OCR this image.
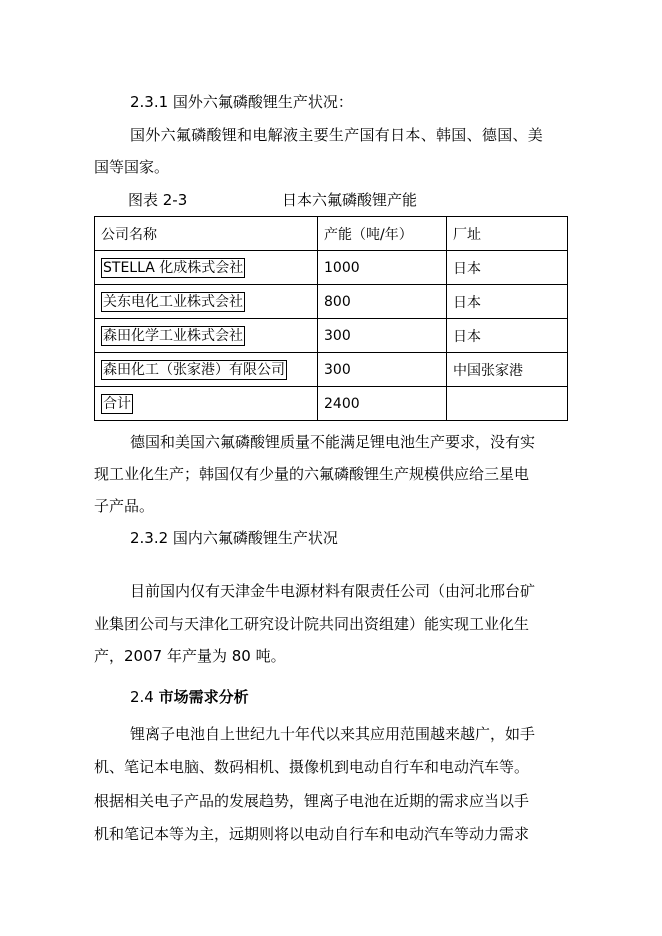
2.3.1 国外六氟磷酸锂生产状况：
国外六氟磷酸锂和电解液主要生产国有日本、韩国、德国、美
国等国家。
图表 2-3	日本六氟磷酸锂产能
公司名称	产能（吨/年）	厂址
STELLA 化成株式会社	1000	日本
关东电化工业株式会社	800	日本
森田化学工业株式会社	300	日本
森田化工（张家港）有限公司	300	中国张家港
合计	2400	
德国和美国六氟磷酸锂质量不能满足锂电池生产要求，没有实
现工业化生产；韩国仅有少量的六氟磷酸锂生产规模供应给三星电
子产品。
2.3.2 国内六氟磷酸锂生产状况
目前国内仅有天津金牛电源材料有限责任公司（由河北邢台矿
业集团公司与天津化工研究设计院共同出资组建）能实现工业化生
产，2007 年产量为 80 吨。
2.4 市场需求分析
锂离子电池自上世纪九十年代以来其应用范围越来越广，如手
机、笔记本电脑、数码相机、摄像机到电动自行车和电动汽车等。
根据相关电子产品的发展趋势，锂离子电池在近期的需求应当以手
机和笔记本等为主，远期则将以电动自行车和电动汽车等动力需求
